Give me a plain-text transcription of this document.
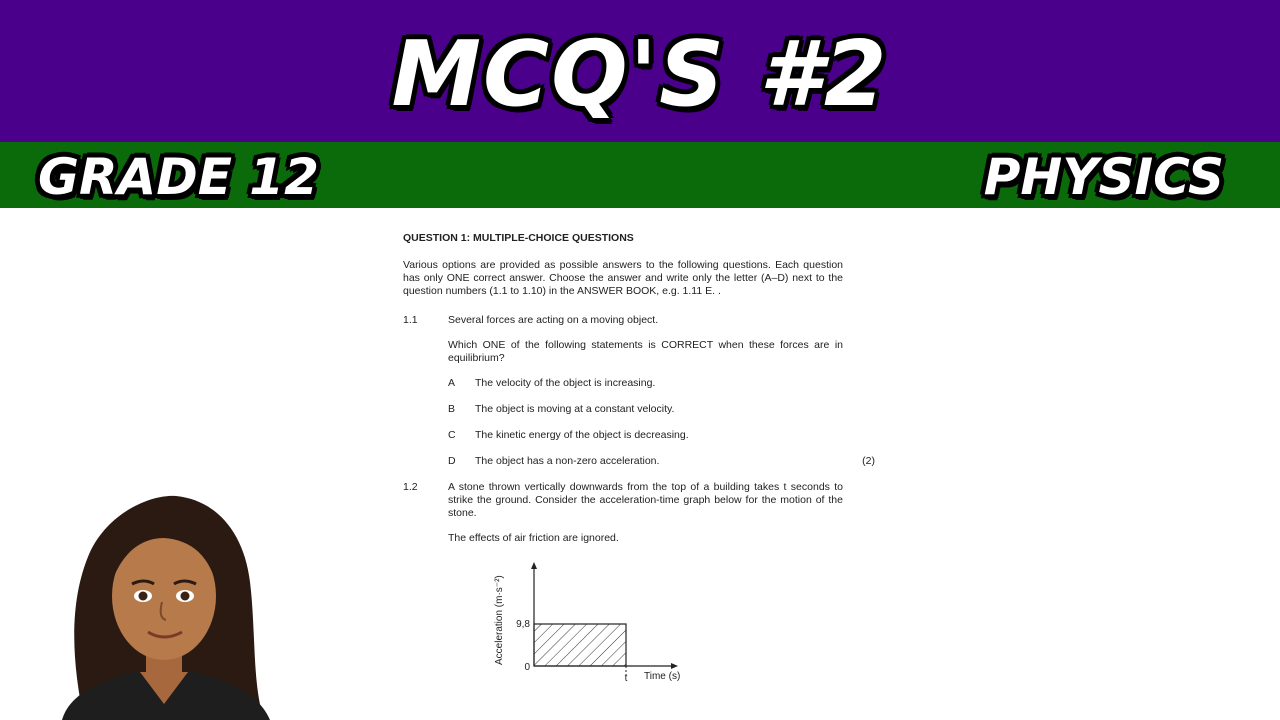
MCQ'S #2
GRADE 12	PHYSICS
QUESTION 1: MULTIPLE-CHOICE QUESTIONS
Various options are provided as possible answers to the following questions. Each question has only ONE correct answer. Choose the answer and write only the letter (A–D) next to the question numbers (1.1 to 1.10) in the ANSWER BOOK, e.g. 1.11 E. .
1.1	Several forces are acting on a moving object.

Which ONE of the following statements is CORRECT when these forces are in equilibrium?

A The velocity of the object is increasing.
B The object is moving at a constant velocity.
C The kinetic energy of the object is decreasing.
D The object has a non-zero acceleration.	(2)
1.2	A stone thrown vertically downwards from the top of a building takes t seconds to strike the ground. Consider the acceleration-time graph below for the motion of the stone.

The effects of air friction are ignored.

9,8
0
t Time (s)
Acceleration (m·s⁻²)
